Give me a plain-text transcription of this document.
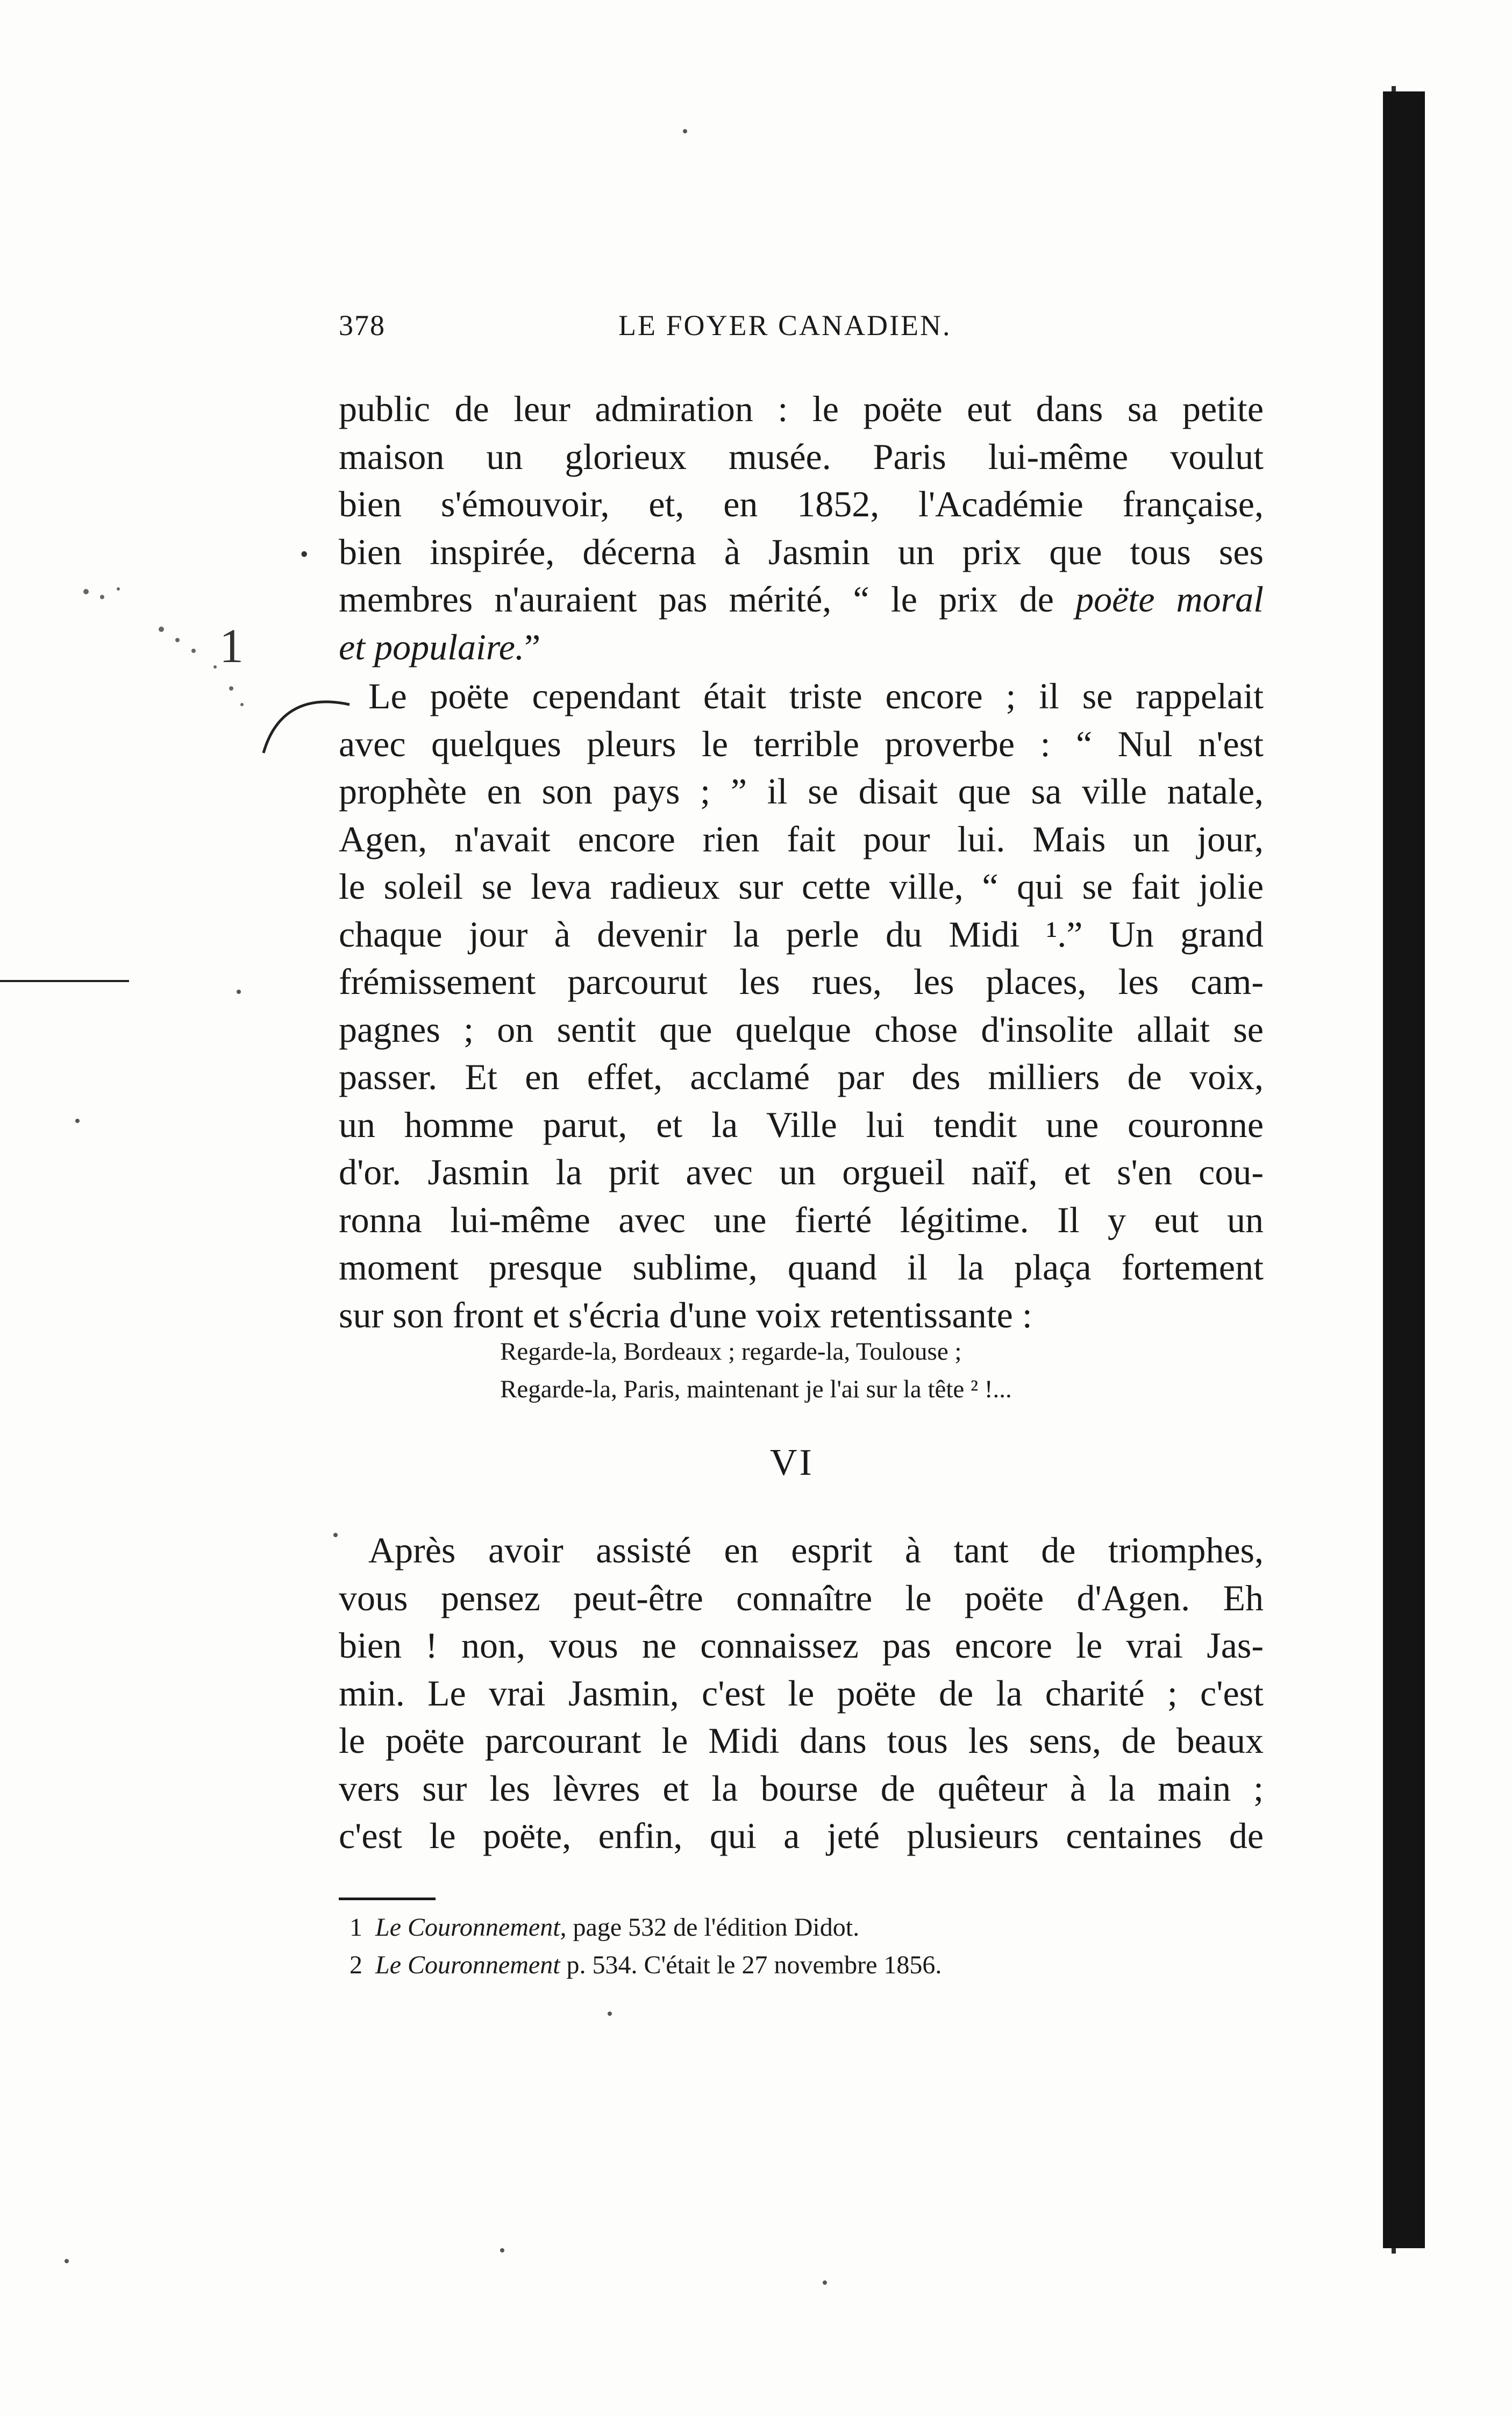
378	LE FOYER CANADIEN.
public de leur admiration : le poëte eut dans sa petite
maison un glorieux musée. Paris lui-même voulut
bien s'émouvoir, et, en 1852, l'Académie française,
bien inspirée, décerna à Jasmin un prix que tous ses
membres n'auraient pas mérité, “ le prix de poëte moral
et populaire.”
Le poëte cependant était triste encore ; il se rappelait
avec quelques pleurs le terrible proverbe : “ Nul n'est
prophète en son pays ; ” il se disait que sa ville natale,
Agen, n'avait encore rien fait pour lui. Mais un jour,
le soleil se leva radieux sur cette ville, “ qui se fait jolie
chaque jour à devenir la perle du Midi ¹.” Un grand
frémissement parcourut les rues, les places, les cam-
pagnes ; on sentit que quelque chose d'insolite allait se
passer. Et en effet, acclamé par des milliers de voix,
un homme parut, et la Ville lui tendit une couronne
d'or. Jasmin la prit avec un orgueil naïf, et s'en cou-
ronna lui-même avec une fierté légitime. Il y eut un
moment presque sublime, quand il la plaça fortement
sur son front et s'écria d'une voix retentissante :
Regarde-la, Bordeaux ; regarde-la, Toulouse ;
Regarde-la, Paris, maintenant je l'ai sur la tête ² !...
VI
Après avoir assisté en esprit à tant de triomphes,
vous pensez peut-être connaître le poëte d'Agen. Eh
bien ! non, vous ne connaissez pas encore le vrai Jas-
min. Le vrai Jasmin, c'est le poëte de la charité ; c'est
le poëte parcourant le Midi dans tous les sens, de beaux
vers sur les lèvres et la bourse de quêteur à la main ;
c'est le poëte, enfin, qui a jeté plusieurs centaines de
1 Le Couronnement, page 532 de l'édition Didot.
2 Le Couronnement p. 534. C'était le 27 novembre 1856.
1
•
